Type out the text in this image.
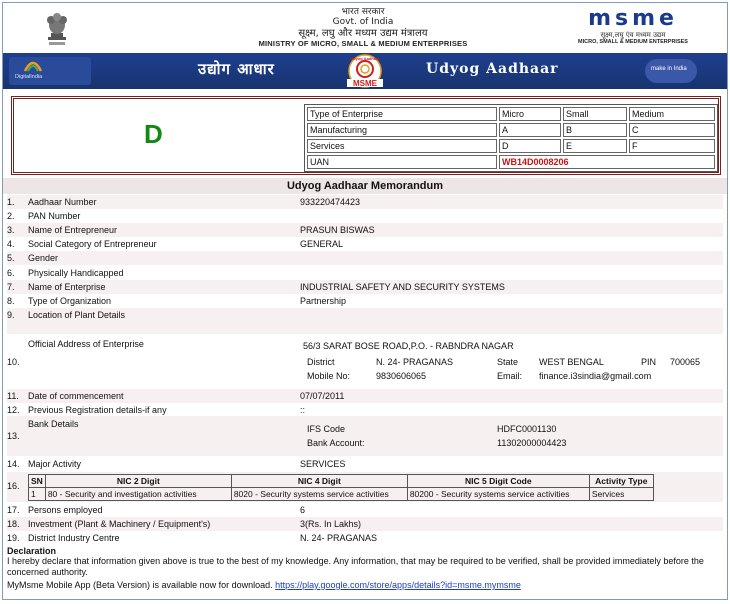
भारत सरकार
Govt. of India
सूक्ष्म, लघु और मध्यम उद्यम मंत्रालय
MINISTRY OF MICRO, SMALL & MEDIUM ENTERPRISES
msme
सूक्ष्म,लघु एंव मध्यम उद्यम
MICRO, SMALL & MEDIUM ENTERPRISES
DigitalIndia	उद्योग आधार
Udyog Aadhaar
MSME
Udyog Aadhaar	make in India
D
Type of Enterprise	Micro	Small	Medium
Manufacturing	A	B	C
Services	D	E	F
UAN	WB14D0008206		
Udyog Aadhaar Memorandum
1.	Aadhaar Number	933220474423
2.	PAN Number
3.	Name of Entrepreneur	PRASUN BISWAS
4.	Social Category of Entrepreneur	GENERAL
5.	Gender
6.	Physically Handicapped
7.	Name of Enterprise	INDUSTRIAL SAFETY AND SECURITY SYSTEMS
8.	Type of Organization	Partnership
9.	Location of Plant Details
Official Address of Enterprise	56/3 SARAT BOSE ROAD,P.O. - RABNDRA NAGAR
10.	District	N. 24- PRAGANAS	State WEST BENGAL	PIN 700065
Mobile No:	9830606065	Email: finance.i3sindia@gmail.com
11.	Date of commencement	07/07/2011
12. Previous Registration details-if any	::
Bank Details	IFS Code	HDFC0001130
13.
Bank Account:	11302000004423
14. Major Activity	SERVICES
16. SN	NIC 2 Digit	NIC 4 Digit	NIC 5 Digit Code	Activity Type
1	80 - Security and investigation activities	8020 - Security systems service activities	80200 - Security systems service activities	Services
17. Persons employed	6
18. Investment (Plant & Machinery / Equipment's)	3(Rs. In Lakhs)
19. District Industry Centre	N. 24- PRAGANAS
Declaration
I hereby declare that information given above is true to the best of my knowledge. Any information, that may be required to be verified, shall be provided immediately before the concerned authority.
MyMsme Mobile App (Beta Version) is available now for download. https://play.google.com/store/apps/details?id=msme.mymsme
